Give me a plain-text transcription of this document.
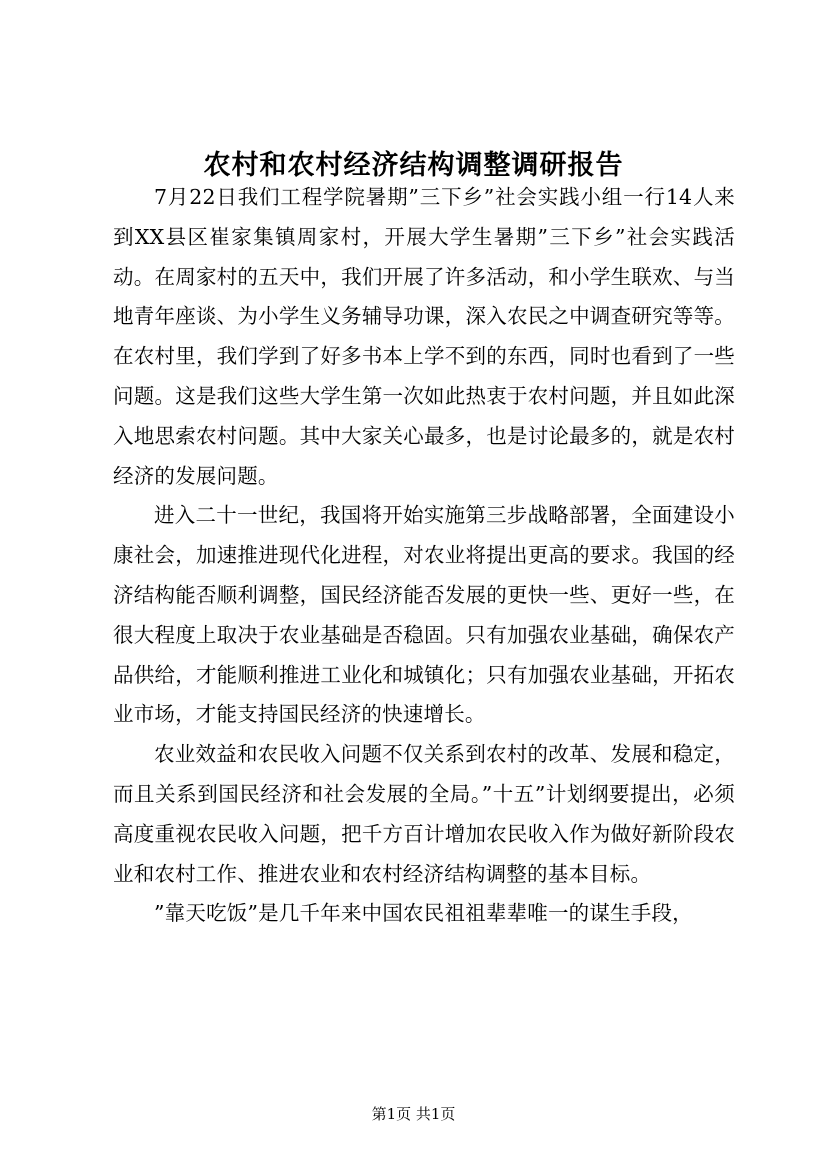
农村和农村经济结构调整调研报告

7月22日我们工程学院暑期”三下乡”社会实践小组一行14人来到XX县区崔家集镇周家村，开展大学生暑期”三下乡”社会实践活动。在周家村的五天中，我们开展了许多活动，和小学生联欢、与当地青年座谈、为小学生义务辅导功课，深入农民之中调查研究等等。在农村里，我们学到了好多书本上学不到的东西，同时也看到了一些问题。这是我们这些大学生第一次如此热衷于农村问题，并且如此深入地思索农村问题。其中大家关心最多，也是讨论最多的，就是农村经济的发展问题。

进入二十一世纪，我国将开始实施第三步战略部署，全面建设小康社会，加速推进现代化进程，对农业将提出更高的要求。我国的经济结构能否顺利调整，国民经济能否发展的更快一些、更好一些，在很大程度上取决于农业基础是否稳固。只有加强农业基础，确保农产品供给，才能顺利推进工业化和城镇化；只有加强农业基础，开拓农业市场，才能支持国民经济的快速增长。

农业效益和农民收入问题不仅关系到农村的改革、发展和稳定，而且关系到国民经济和社会发展的全局。”十五”计划纲要提出，必须高度重视农民收入问题，把千方百计增加农民收入作为做好新阶段农业和农村工作、推进农业和农村经济结构调整的基本目标。

”靠天吃饭”是几千年来中国农民祖祖辈辈唯一的谋生手段，

第1页 共1页
